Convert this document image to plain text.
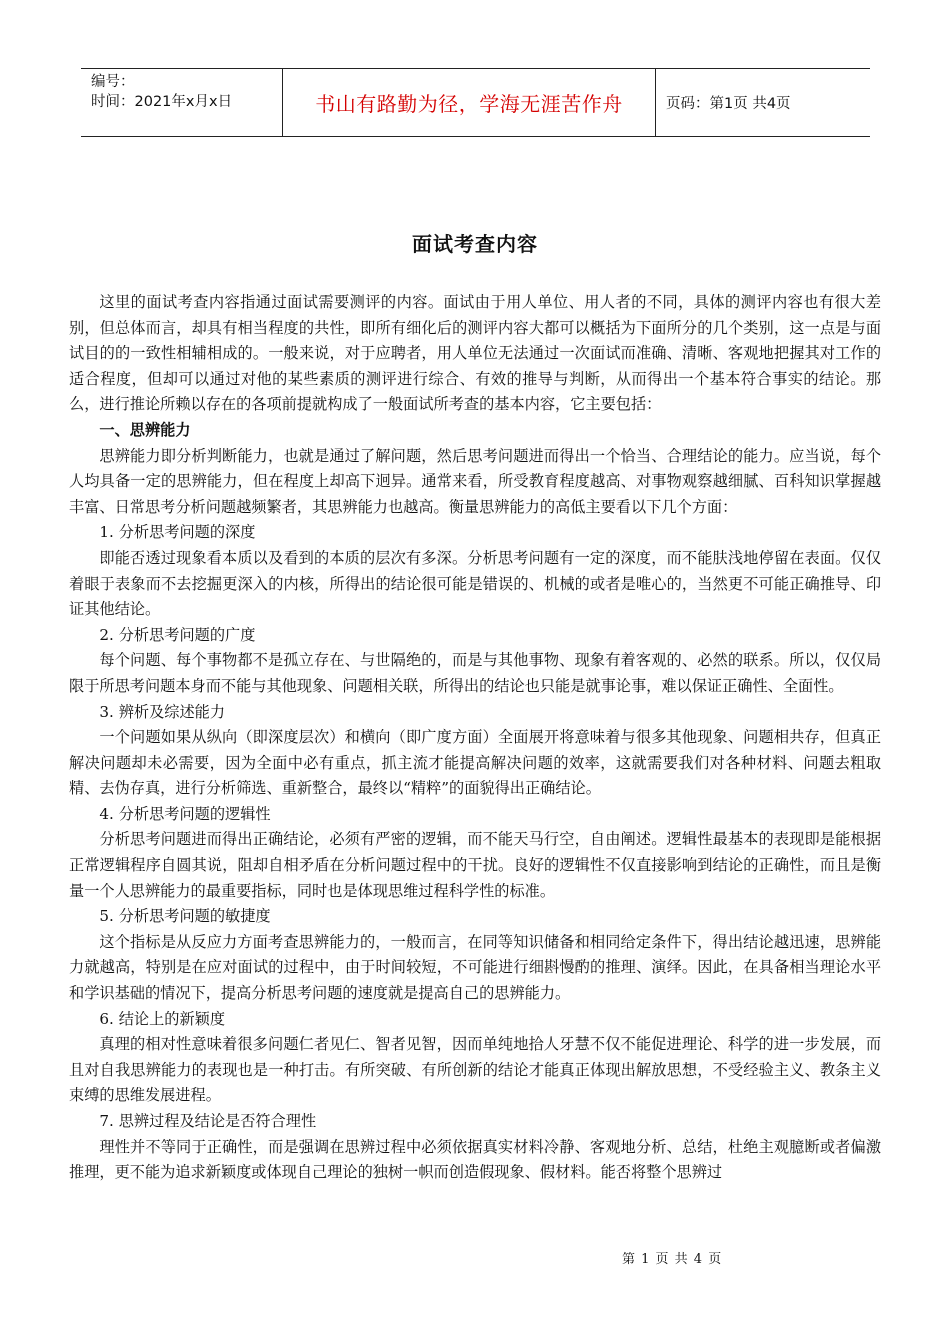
编号：
时间：2021年x月x日	书山有路勤为径，学海无涯苦作舟	页码：第1页 共4页
面试考查内容

这里的面试考查内容指通过面试需要测评的内容。面试由于用人单位、用人者的不同，具体的测评内容也有很大差别，但总体而言，却具有相当程度的共性，即所有细化后的测评内容大都可以概括为下面所分的几个类别，这一点是与面试目的的一致性相辅相成的。一般来说，对于应聘者，用人单位无法通过一次面试而准确、清晰、客观地把握其对工作的适合程度，但却可以通过对他的某些素质的测评进行综合、有效的推导与判断，从而得出一个基本符合事实的结论。那么，进行推论所赖以存在的各项前提就构成了一般面试所考查的基本内容，它主要包括：

一、思辨能力

思辨能力即分析判断能力，也就是通过了解问题，然后思考问题进而得出一个恰当、合理结论的能力。应当说，每个人均具备一定的思辨能力，但在程度上却高下迥异。通常来看，所受教育程度越高、对事物观察越细腻、百科知识掌握越丰富、日常思考分析问题越频繁者，其思辨能力也越高。衡量思辨能力的高低主要看以下几个方面：

1. 分析思考问题的深度

即能否透过现象看本质以及看到的本质的层次有多深。分析思考问题有一定的深度，而不能肤浅地停留在表面。仅仅着眼于表象而不去挖掘更深入的内核，所得出的结论很可能是错误的、机械的或者是唯心的，当然更不可能正确推导、印证其他结论。

2. 分析思考问题的广度

每个问题、每个事物都不是孤立存在、与世隔绝的，而是与其他事物、现象有着客观的、必然的联系。所以，仅仅局限于所思考问题本身而不能与其他现象、问题相关联，所得出的结论也只能是就事论事，难以保证正确性、全面性。

3. 辨析及综述能力

一个问题如果从纵向（即深度层次）和横向（即广度方面）全面展开将意味着与很多其他现象、问题相共存，但真正解决问题却未必需要，因为全面中必有重点，抓主流才能提高解决问题的效率，这就需要我们对各种材料、问题去粗取精、去伪存真，进行分析筛选、重新整合，最终以“精粹”的面貌得出正确结论。

4. 分析思考问题的逻辑性

分析思考问题进而得出正确结论，必须有严密的逻辑，而不能天马行空，自由阐述。逻辑性最基本的表现即是能根据正常逻辑程序自圆其说，阻却自相矛盾在分析问题过程中的干扰。良好的逻辑性不仅直接影响到结论的正确性，而且是衡量一个人思辨能力的最重要指标，同时也是体现思维过程科学性的标准。

5. 分析思考问题的敏捷度

这个指标是从反应力方面考查思辨能力的，一般而言，在同等知识储备和相同给定条件下，得出结论越迅速，思辨能力就越高，特别是在应对面试的过程中，由于时间较短，不可能进行细斟慢酌的推理、演绎。因此，在具备相当理论水平和学识基础的情况下，提高分析思考问题的速度就是提高自己的思辨能力。

6. 结论上的新颖度

真理的相对性意味着很多问题仁者见仁、智者见智，因而单纯地拾人牙慧不仅不能促进理论、科学的进一步发展，而且对自我思辨能力的表现也是一种打击。有所突破、有所创新的结论才能真正体现出解放思想，不受经验主义、教条主义束缚的思维发展进程。

7. 思辨过程及结论是否符合理性

理性并不等同于正确性，而是强调在思辨过程中必须依据真实材料冷静、客观地分析、总结，杜绝主观臆断或者偏激推理，更不能为追求新颖度或体现自己理论的独树一帜而创造假现象、假材料。能否将整个思辨过

第 1 页 共 4 页
